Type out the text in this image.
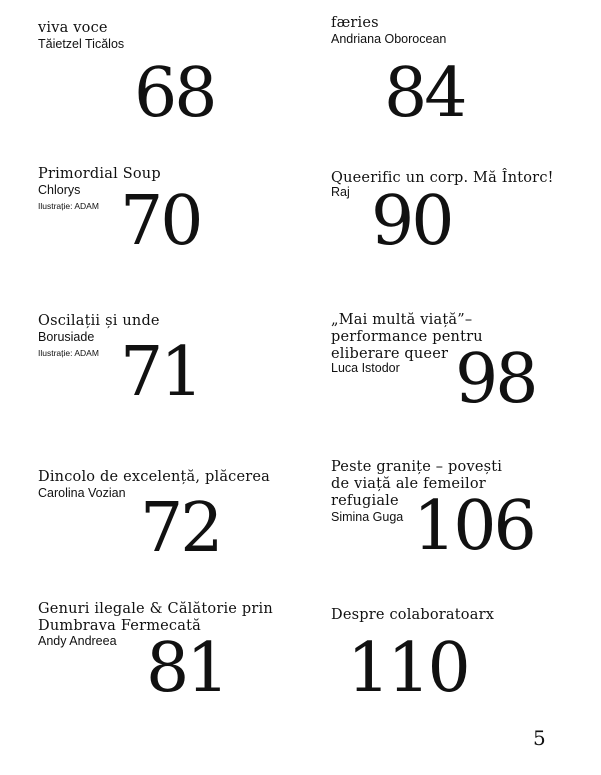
viva voce

Tăietzel Ticălos

68

færies

Andriana Oborocean

84

Primordial Soup

Chlorys

Ilustrație: ADAM 70

Queerific un corp. Mă Întorc!

Raj 90

Oscilații și unde

Borusiade

Ilustrație: ADAM 71

„Mai multă viață”–
performance pentru
eliberare queer

Luca Istodor 98

Dincolo de excelență, plăcerea

Carolina Vozian 72

Peste granițe – povești
de viață ale femeilor
refugiale

Simina Guga 106

Genuri ilegale & Călătorie prin
Dumbrava Fermecată

Andy Andreea 81

Despre colaboratoarx

110

5
